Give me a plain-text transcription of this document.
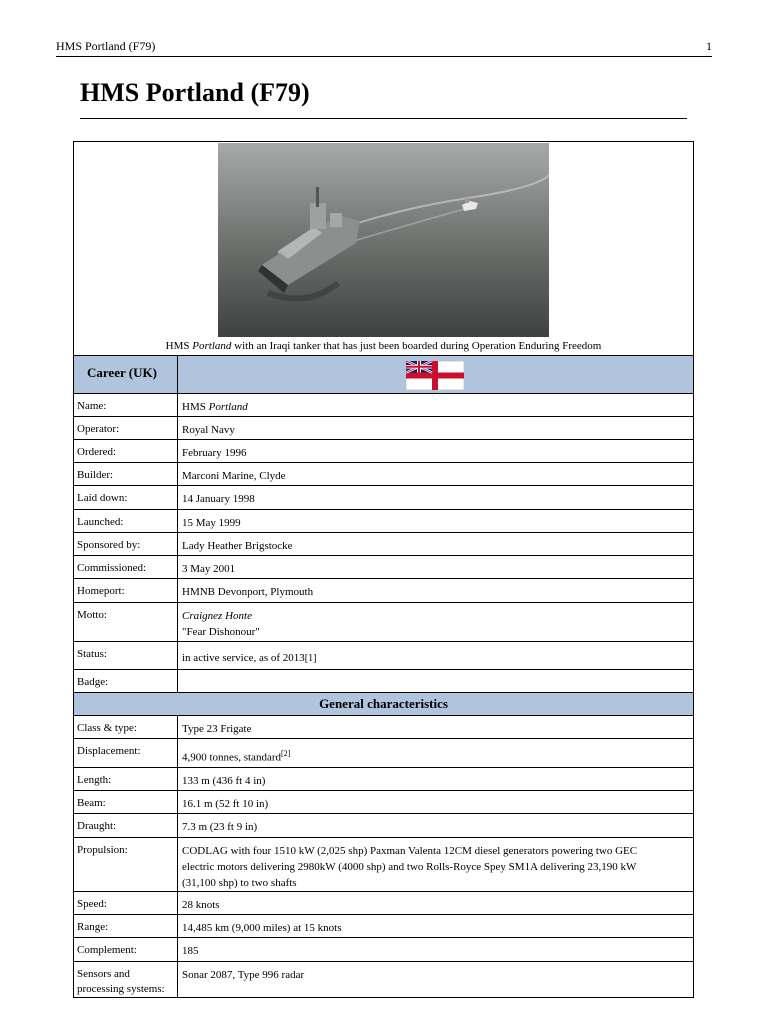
HMS Portland (F79)	1
HMS Portland (F79)
HMS Portland with an Iraqi tanker that has just been boarded during Operation Enduring Freedom
Career (UK)
Name:	HMS Portland
Operator:	Royal Navy
Ordered:	February 1996
Builder:	Marconi Marine, Clyde
Laid down:	14 January 1998
Launched:	15 May 1999
Sponsored by:	Lady Heather Brigstocke
Commissioned:	3 May 2001
Homeport:	HMNB Devonport, Plymouth
Motto:	Craignez Honte
"Fear Dishonour"
Status:	in active service, as of 2013[1]
Badge:
General characteristics
Class & type:	Type 23 Frigate
Displacement:
4,900 tonnes, standard[2]
Length:	133 m (436 ft 4 in)
Beam:	16.1 m (52 ft 10 in)
Draught:	7.3 m (23 ft 9 in)
Propulsion:	CODLAG with four 1510 kW (2,025 shp) Paxman Valenta 12CM diesel generators powering two GEC
electric motors delivering 2980kW (4000 shp) and two Rolls-Royce Spey SM1A delivering 23,190 kW
(31,100 shp) to two shafts
Speed:	28 knots
Range:	14,485 km (9,000 miles) at 15 knots
Complement:	185
Sensors and
processing systems:
Sonar 2087, Type 996 radar
